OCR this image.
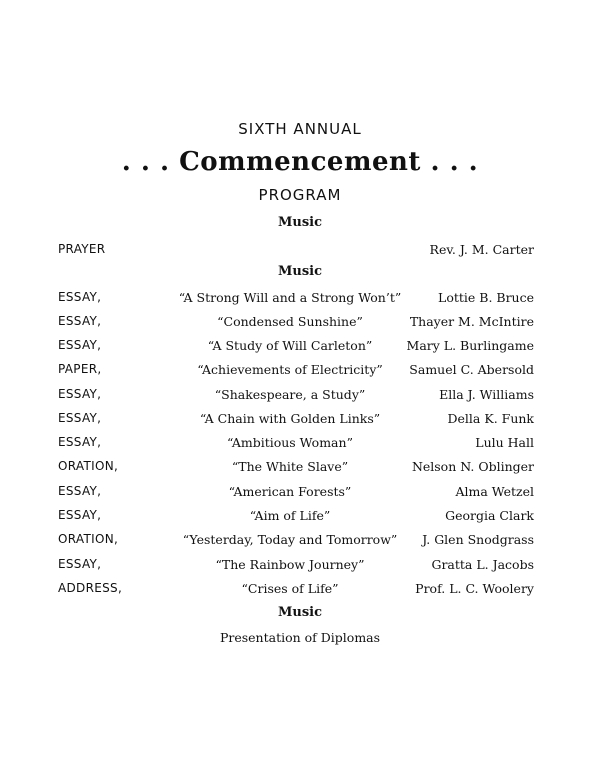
SIXTH ANNUAL
. . . Commencement . . .
PROGRAM
Music
PRAYER	Rev. J. M. Carter
Music
ESSAY,	“A Strong Will and a Strong Won’t”	Lottie B. Bruce
ESSAY,	“Condensed Sunshine”	Thayer M. McIntire
ESSAY,	“A Study of Will Carleton”	Mary L. Burlingame
PAPER,	“Achievements of Electricity” Samuel C. Abersold
ESSAY,	“Shakespeare, a Study”	Ella J. Williams
ESSAY,	“A Chain with Golden Links”	Della K. Funk
ESSAY,	“Ambitious Woman”	Lulu Hall
ORATION,	“The White Slave”	Nelson N. Oblinger
ESSAY,	“American Forests”	Alma Wetzel
ESSAY,	“Aim of Life”	Georgia Clark
ORATION,	“Yesterday, Today and Tomorrow” J. Glen Snodgrass
ESSAY,	“The Rainbow Journey”	Gratta L. Jacobs
ADDRESS,	“Crises of Life”	Prof. L. C. Woolery
Music
Presentation of Diplomas
